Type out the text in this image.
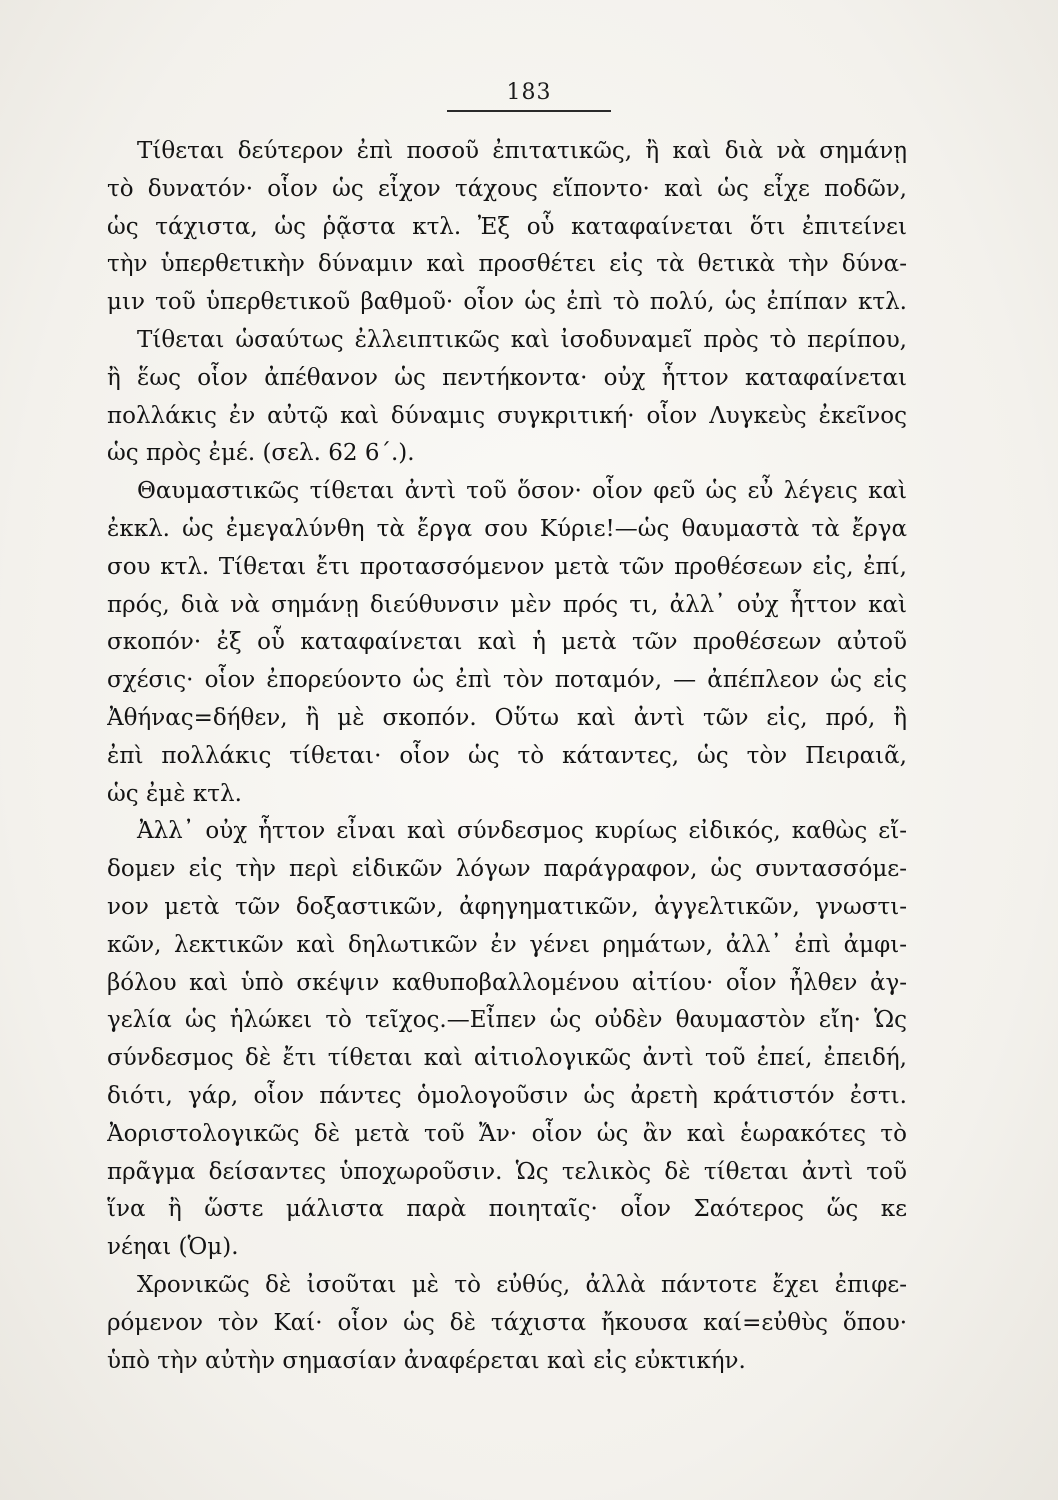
183
Τίθεται δεύτερον ἐπὶ ποσοῦ ἐπιτατικῶς, ἢ καὶ διὰ νὰ σημάνῃ
τὸ δυνατόν· οἷον ὡς εἶχον τάχους εἵποντο· καὶ ὡς εἶχε ποδῶν,
ὡς τάχιστα, ὡς ῥᾷστα κτλ. Ἐξ οὗ καταφαίνεται ὅτι ἐπιτείνει
τὴν ὑπερθετικὴν δύναμιν καὶ προσθέτει εἰς τὰ θετικὰ τὴν δύνα-
μιν τοῦ ὑπερθετικοῦ βαθμοῦ· οἷον ὡς ἐπὶ τὸ πολύ, ὡς ἐπίπαν κτλ.
Τίθεται ὡσαύτως ἐλλειπτικῶς καὶ ἰσοδυναμεῖ πρὸς τὸ περίπου,
ἢ ἕως οἷον ἀπέθανον ὡς πεντήκοντα· οὐχ ἧττον καταφαίνεται
πολλάκις ἐν αὐτῷ καὶ δύναμις συγκριτική· οἷον Λυγκεὺς ἐκεῖνος
ὡς πρὸς ἐμέ. (σελ. 62 6΄.).
Θαυμαστικῶς τίθεται ἀντὶ τοῦ ὅσον· οἷον φεῦ ὡς εὖ λέγεις καὶ
ἐκκλ. ὡς ἐμεγαλύνθη τὰ ἔργα σου Κύριε!—ὡς θαυμαστὰ τὰ ἔργα
σου κτλ. Τίθεται ἔτι προτασσόμενον μετὰ τῶν προθέσεων εἰς, ἐπί,
πρός, διὰ νὰ σημάνῃ διεύθυνσιν μὲν πρός τι, ἀλλ᾿ οὐχ ἧττον καὶ
σκοπόν· ἐξ οὗ καταφαίνεται καὶ ἡ μετὰ τῶν προθέσεων αὐτοῦ
σχέσις· οἷον ἐπορεύοντο ὡς ἐπὶ τὸν ποταμόν, — ἀπέπλεον ὡς εἰς
Ἀθήνας=δήθεν, ἢ μὲ σκοπόν. Οὕτω καὶ ἀντὶ τῶν εἰς, πρό, ἢ
ἐπὶ πολλάκις τίθεται· οἷον ὡς τὸ κάταντες, ὡς τὸν Πειραιᾶ,
ὡς ἐμὲ κτλ.
Ἀλλ᾿ οὐχ ἧττον εἶναι καὶ σύνδεσμος κυρίως εἰδικός, καθὼς εἴ-
δομεν εἰς τὴν περὶ εἰδικῶν λόγων παράγραφον, ὡς συντασσόμε-
νον μετὰ τῶν δοξαστικῶν, ἀφηγηματικῶν, ἀγγελτικῶν, γνωστι-
κῶν, λεκτικῶν καὶ δηλωτικῶν ἐν γένει ρημάτων, ἀλλ᾿ ἐπὶ ἀμφι-
βόλου καὶ ὑπὸ σκέψιν καθυποβαλλομένου αἰτίου· οἷον ἦλθεν ἀγ-
γελία ὡς ἡλώκει τὸ τεῖχος.—Εἶπεν ὡς οὐδὲν θαυμαστὸν εἴη· Ὡς
σύνδεσμος δὲ ἔτι τίθεται καὶ αἰτιολογικῶς ἀντὶ τοῦ ἐπεί, ἐπειδή,
διότι, γάρ, οἷον πάντες ὁμολογοῦσιν ὡς ἀρετὴ κράτιστόν ἐστι.
Ἀοριστολογικῶς δὲ μετὰ τοῦ Ἄν· οἷον ὡς ἂν καὶ ἑωρακότες τὸ
πρᾶγμα δείσαντες ὑποχωροῦσιν. Ὡς τελικὸς δὲ τίθεται ἀντὶ τοῦ
ἵνα ἢ ὥστε μάλιστα παρὰ ποιηταῖς· οἷον Σαότερος ὥς κε
νέηαι (Ὁμ).
Χρονικῶς δὲ ἰσοῦται μὲ τὸ εὐθύς, ἀλλὰ πάντοτε ἔχει ἐπιφε-
ρόμενον τὸν Καί· οἷον ὡς δὲ τάχιστα ἤκουσα καί=εὐθὺς ὅπου·
ὑπὸ τὴν αὐτὴν σημασίαν ἀναφέρεται καὶ εἰς εὐκτικήν.
